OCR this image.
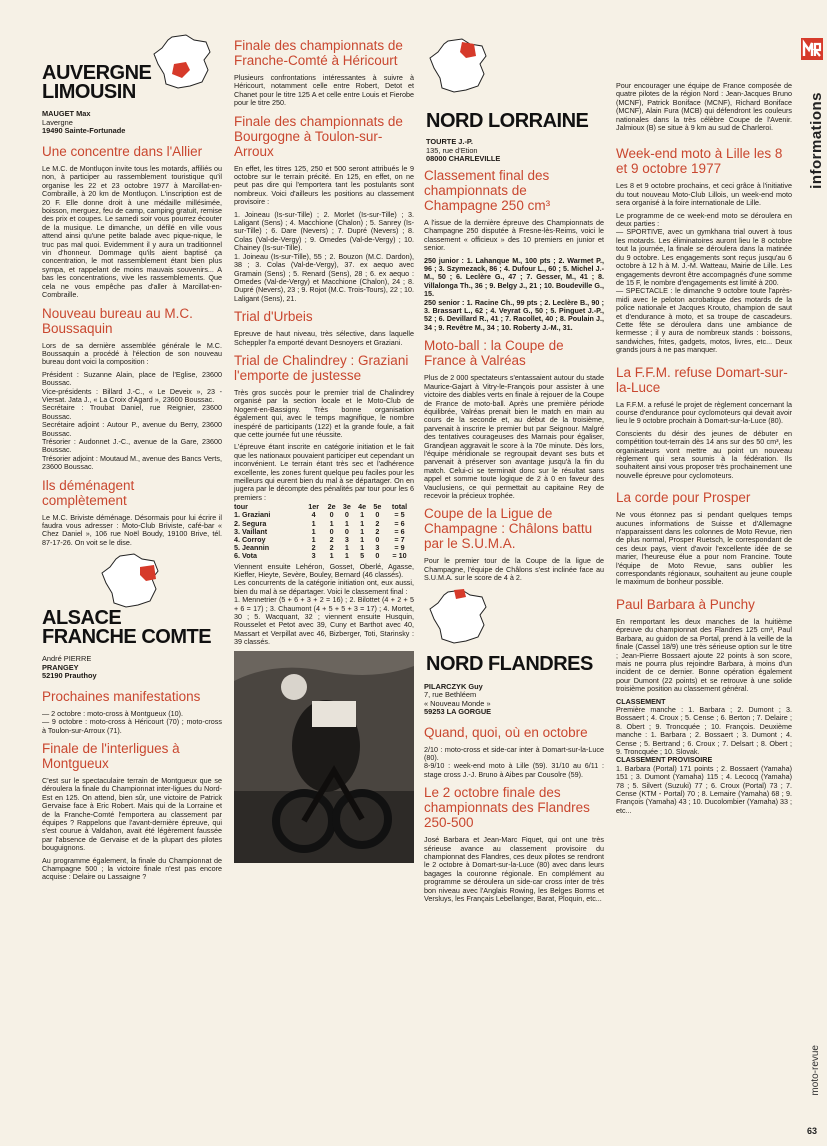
informations
moto-revue
63
AUVERGNE
LIMOUSIN
MAUGET Max
Lavergne
19490 Sainte-Fortunade
Une concentre dans l'Allier

Le M.C. de Montluçon invite tous les motards, affiliés ou non, à participer au rassemblement touristique qu'il organise les 22 et 23 octobre 1977 à Marcillat-en-Combraille, à 20 km de Montluçon. L'inscription est de 20 F. Elle donne droit à une médaille millésimée, boisson, merguez, feu de camp, camping gratuit, remise des prix et coupes. Le samedi soir vous pourrez écouter de la musique. Le dimanche, un défilé en ville vous attend ainsi qu'une petite balade avec pique-nique, le truc pas mal quoi. Evidemment il y aura un traditionnel vin d'honneur. Dommage qu'ils aient baptisé ça concentration, le mot rassemblement étant bien plus sympa, et rappelant de moins mauvais souvenirs... A bas les concentrations, vive les rassemblements. Que cela ne vous empêche pas d'aller à Marcillat-en-Combraille.

Nouveau bureau au M.C. Boussaquin

Lors de sa dernière assemblée générale le M.C. Boussaquin a procédé à l'élection de son nouveau bureau dont voici la composition :

Président : Suzanne Alain, place de l'Eglise, 23600 Boussac.

Vice-présidents : Billard J.-C., « Le Deveix », 23 - Viersat. Jata J., « La Croix d'Agard », 23600 Boussac.

Secrétaire : Troubat Daniel, rue Reignier, 23600 Boussac.

Secrétaire adjoint : Autour P., avenue du Berry, 23600 Boussac.

Trésorier : Audonnet J.-C., avenue de la Gare, 23600 Boussac.

Trésorier adjoint : Moutaud M., avenue des Bancs Verts, 23600 Boussac.

Ils déménagent complètement

Le M.C. Briviste déménage. Désormais pour lui écrire il faudra vous adresser : Moto-Club Briviste, café-bar « Chez Daniel », 106 rue Noël Boudy, 19100 Brive, tél. 87-17-26. On voit se le dise.

ALSACE
FRANCHE COMTE
André PIERRE
PRANGEY
52190 Prauthoy
Prochaines manifestations

— 2 octobre : moto-cross à Montgueux (10).

— 9 octobre : moto-cross à Héricourt (70) ; moto-cross à Toulon-sur-Arroux (71).

Finale de l'interligues à Montgueux

C'est sur le spectaculaire terrain de Montgueux que se déroulera la finale du Championnat inter-ligues du Nord-Est en 125. On attend, bien sûr, une victoire de Patrick Gervaise face à Eric Robert. Mais qui de la Lorraine et de la Franche-Comté l'emportera au classement par équipes ? Rappelons que l'avant-dernière épreuve, qui s'est courue à Valdahon, avait été légèrement faussée par l'absence de Gervaise et de la plupart des pilotes bouguignons.

Au programme également, la finale du Championnat de Champagne 500 ; la victoire finale n'est pas encore acquise : Delaire ou Lassaigne ?

Finale des championnats de Franche-Comté à Héricourt

Plusieurs confrontations intéressantes à suivre à Héricourt, notamment celle entre Robert, Detot et Chanet pour le titre 125 A et celle entre Louis et Fierobe pour le titre 250.

Finale des championnats de Bourgogne à Toulon-sur-Arroux

En effet, les titres 125, 250 et 500 seront attribués le 9 octobre sur le terrain précité. En 125, en effet, on ne peut pas dire qui l'emportera tant les postulants sont nombreux. Voici d'ailleurs les positions au classement provisoire :

1. Joineau (Is-sur-Tille) ; 2. Morlet (Is-sur-Tille) ; 3. Laligant (Sens) ; 4. Macchione (Chalon) ; 5. Sanrey (Is-sur-Tille) ; 6. Dare (Nevers) ; 7. Dupré (Nevers) ; 8. Colas (Val-de-Vergy) ; 9. Omedes (Val-de-Vergy) ; 10. Chainey (Is-sur-Tille).

1. Joineau (Is-sur-Tille), 55 ; 2. Bouzon (M.C. Dardon), 38 ; 3. Colas (Val-de-Vergy), 37. ex aequo avec Gramain (Sens) ; 5. Renard (Sens), 28 ; 6. ex aequo : Omedes (Val-de-Vergy) et Macchione (Chalon), 24 ; 8. Dupré (Nevers), 23 ; 9. Rojot (M.C. Trois-Tours), 22 ; 10. Laligant (Sens), 21.

Trial d'Urbeis

Epreuve de haut niveau, très sélective, dans laquelle Scheppler l'a emporté devant Desnoyers et Graziani.

Trial de Chalindrey : Graziani l'emporte de justesse

Très gros succès pour le premier trial de Chalindrey organisé par la section locale et le Moto-Club de Nogent-en-Bassigny. Très bonne organisation également qui, avec le temps magnifique, le nombre inespéré de participants (122) et la grande foule, a fait que cette journée fut une réussite.

L'épreuve étant inscrite en catégorie initiation et le fait que les nationaux pouvaient participer eut cependant un inconvénient. Le terrain étant très sec et l'adhérence excellente, les zones furent quelque peu faciles pour les meilleurs qui eurent bien du mal à se départager. On en jugera par le décompte des pénalités par tour pour les 6 premiers :

tour	1er	2e	3e	4e	5e	total
1. Graziani	4	0	0	1	0	= 5
2. Segura	1	1	1	1	2	= 6
3. Vaillant	1	0	0	1	2	= 6
4. Corroy	1	2	3	1	0	= 7
5. Jeannin	2	2	1	1	3	= 9
6. Vota	3	1	1	5	0	= 10

Viennent ensuite Lehéron, Gosset, Oberlé, Agasse, Kieffer, Hieyte, Sevère, Bouley, Bernard (46 classés).

Les concurrents de la catégorie initiation ont, eux aussi, bien du mal à se départager. Voici le classement final :

1. Mennetrier (5 + 6 + 3 + 2 = 16) ; 2. Bilottet (4 + 2 + 5 + 6 = 17) ; 3. Chaumont (4 + 5 + 5 + 3 = 17) ; 4. Mortet, 30 ; 5. Wacquant, 32 ; viennent ensuite Husquin, Rousselet et Petot avec 39, Cuny et Barthot avec 40, Massart et Verpillat avec 46, Bizberger, Toti, Starinsky : 39 classés.

NORD LORRAINE
TOURTE J.-P.
135, rue d'Etion
08000 CHARLEVILLE
Classement final des championnats de Champagne 250 cm³

A l'issue de la dernière épreuve des Championnats de Champagne 250 disputée à Fresne-lès-Reims, voici le classement « officieux » des 10 premiers en junior et senior.

250 junior : 1. Lahanque M., 100 pts ; 2. Warmet P., 96 ; 3. Szymezack, 86 ; 4. Dufour L., 60 ; 5. Michel J.-M., 50 ; 6. Leclère G., 47 ; 7. Gesser, M., 41 ; 8. Villalonga Th., 36 ; 9. Belgy J., 21 ; 10. Boudeville G., 15.

250 senior : 1. Racine Ch., 99 pts ; 2. Leclère B., 90 ; 3. Brassart L., 62 ; 4. Veyrat G., 50 ; 5. Pinguet J.-P., 52 ; 6. Devillard R., 41 ; 7. Racollet, 40 ; 8. Poulain J., 34 ; 9. Revêtre M., 34 ; 10. Roberty J.-M., 31.

Moto-ball : la Coupe de France à Valréas

Plus de 2 000 spectateurs s'entassaient autour du stade Maurice-Gajart à Vitry-le-François pour assister à une victoire des diables verts en finale à rejouer de la Coupe de France de moto-ball. Après une première période équilibrée, Valréas prenait bien le match en main au cours de la seconde et, au début de la troisième, parvenait à inscrire le premier but par Seignour. Malgré des tentatives courageuses des Marnais pour égaliser, Grandjean aggravait le score à la 70e minute. Dès lors, l'équipe méridionale se regroupait devant ses buts et parvenait à préserver son avantage jusqu'à la fin du match. Celui-ci se terminait donc sur le résultat sans appel et somme toute logique de 2 à 0 en faveur des Vauclusiens, ce qui permettait au capitaine Rey de recevoir la précieux trophée.

Coupe de la Ligue de Champagne : Châlons battu par le S.U.M.A.

Pour le premier tour de la Coupe de la ligue de Champagne, l'équipe de Châlons s'est inclinée face au S.U.M.A. sur le score de 4 à 2.

NORD FLANDRES
PILARCZYK Guy
7, rue Bethléem
« Nouveau Monde »
59253 LA GORGUE
Quand, quoi, où en octobre

2/10 : moto-cross et side-car inter à Domart-sur-la-Luce (80).

8-9/10 : week-end moto à Lille (59). 31/10 au 6/11 : stage cross J.-J. Bruno à Aibes par Cousolre (59).

Le 2 octobre finale des championnats des Flandres 250-500

José Barbara et Jean-Marc Fiquet, qui ont une très sérieuse avance au classement provisoire du championnat des Flandres, ces deux pilotes se rendront le 2 octobre à Domart-sur-la-Luce (80) avec dans leurs bagages la couronne régionale. En complément au programme se déroulera un side-car cross inter de très bon niveau avec l'Anglais Rowing, les Belges Borms et Versluys, les Français Lebellanger, Barat, Ploquin, etc...

Pour encourager une équipe de France composée de quatre pilotes de la région Nord : Jean-Jacques Bruno (MCNF), Patrick Boniface (MCNF), Richard Boniface (MCNF), Alain Fura (MCB) qui défendront les couleurs nationales dans la très célèbre Coupe de l'Avenir. Jalmioux (B) se situe à 9 km au sud de Charleroi.

Week-end moto à Lille les 8 et 9 octobre 1977

Les 8 et 9 octobre prochains, et ceci grâce à l'initiative du tout nouveau Moto-Club Lillois, un week-end moto sera organisé à la foire internationale de Lille.

Le programme de ce week-end moto se déroulera en deux parties :

— SPORTIVE, avec un gymkhana trial ouvert à tous les motards. Les éliminatoires auront lieu le 8 octobre tout la journée, la finale se déroulera dans la matinée du 9 octobre. Les engagements sont reçus jusqu'au 6 octobre à 12 h à M. J.-M. Watteau, Mairie de Lille. Les engagements devront être accompagnés d'une somme de 15 F, le nombre d'engagements est limité à 200.

— SPECTACLE : le dimanche 9 octobre toute l'après-midi avec le peloton acrobatique des motards de la police nationale et Jacques Krouto, champion de saut et d'endurance à moto, et sa troupe de cascadeurs. Cette fête se déroulera dans une ambiance de kermesse ; il y aura de nombreux stands : boissons, sandwiches, frites, gadgets, motos, livres, etc... Deux grands jours à ne pas manquer.

La F.F.M. refuse Domart-sur-la-Luce

La F.F.M. a refusé le projet de règlement concernant la course d'endurance pour cyclomoteurs qui devait avoir lieu le 9 octobre prochain à Domart-sur-la-Luce (80).

Conscients du désir des jeunes de débuter en compétition tout-terrain dès 14 ans sur des 50 cm³, les organisateurs vont mettre au point un nouveau règlement qui sera soumis à la fédération. Ils souhaitent ainsi vous proposer très prochainement une nouvelle épreuve pour cyclomoteurs.

La corde pour Prosper

Ne vous étonnez pas si pendant quelques temps aucunes informations de Suisse et d'Allemagne n'apparaissent dans les colonnes de Moto Revue, rien de plus normal, Prosper Ruetsch, le correspondant de ces deux pays, vient d'avoir l'excellente idée de se marier, l'heureuse élue a pour nom Francine. Toute l'équipe de Moto Revue, sans oublier les correspondants régionaux, souhaitent au jeune couple le maximum de bonheur possible.

Paul Barbara à Punchy

En remportant les deux manches de la huitième épreuve du championnat des Flandres 125 cm³, Paul Barbara, au guidon de sa Portal, prend à la veille de la finale (Cassel 18/9) une très sérieuse option sur le titre ; Jean-Pierre Bossaert ajoute 22 points à son score, mais ne pourra plus rejoindre Barbara, à moins d'un incident de ce dernier. Bonne opération également pour Dumont (22 points) et se retrouve à une solide troisième position au classement général.

CLASSEMENT

Première manche : 1. Barbara ; 2. Dumont ; 3. Bossaert ; 4. Croux ; 5. Cense ; 6. Berton ; 7. Delaire ; 8. Obert ; 9. Troncquée ; 10. François. Deuxième manche : 1. Barbara ; 2. Bossaert ; 3. Dumont ; 4. Cense ; 5. Bertrand ; 6. Croux ; 7. Delsart ; 8. Obert ; 9. Troncquée ; 10. Slovak.

CLASSEMENT PROVISOIRE

1. Barbara (Portal) 171 points ; 2. Bossaert (Yamaha) 151 ; 3. Dumont (Yamaha) 115 ; 4. Lecocq (Yamaha) 78 ; 5. Silvert (Suzuki) 77 ; 6. Croux (Portal) 73 ; 7. Cense (KTM - Portal) 70 ; 8. Lemaire (Yamaha) 68 ; 9. François (Yamaha) 43 ; 10. Ducolombier (Yamaha) 33 ; etc...
